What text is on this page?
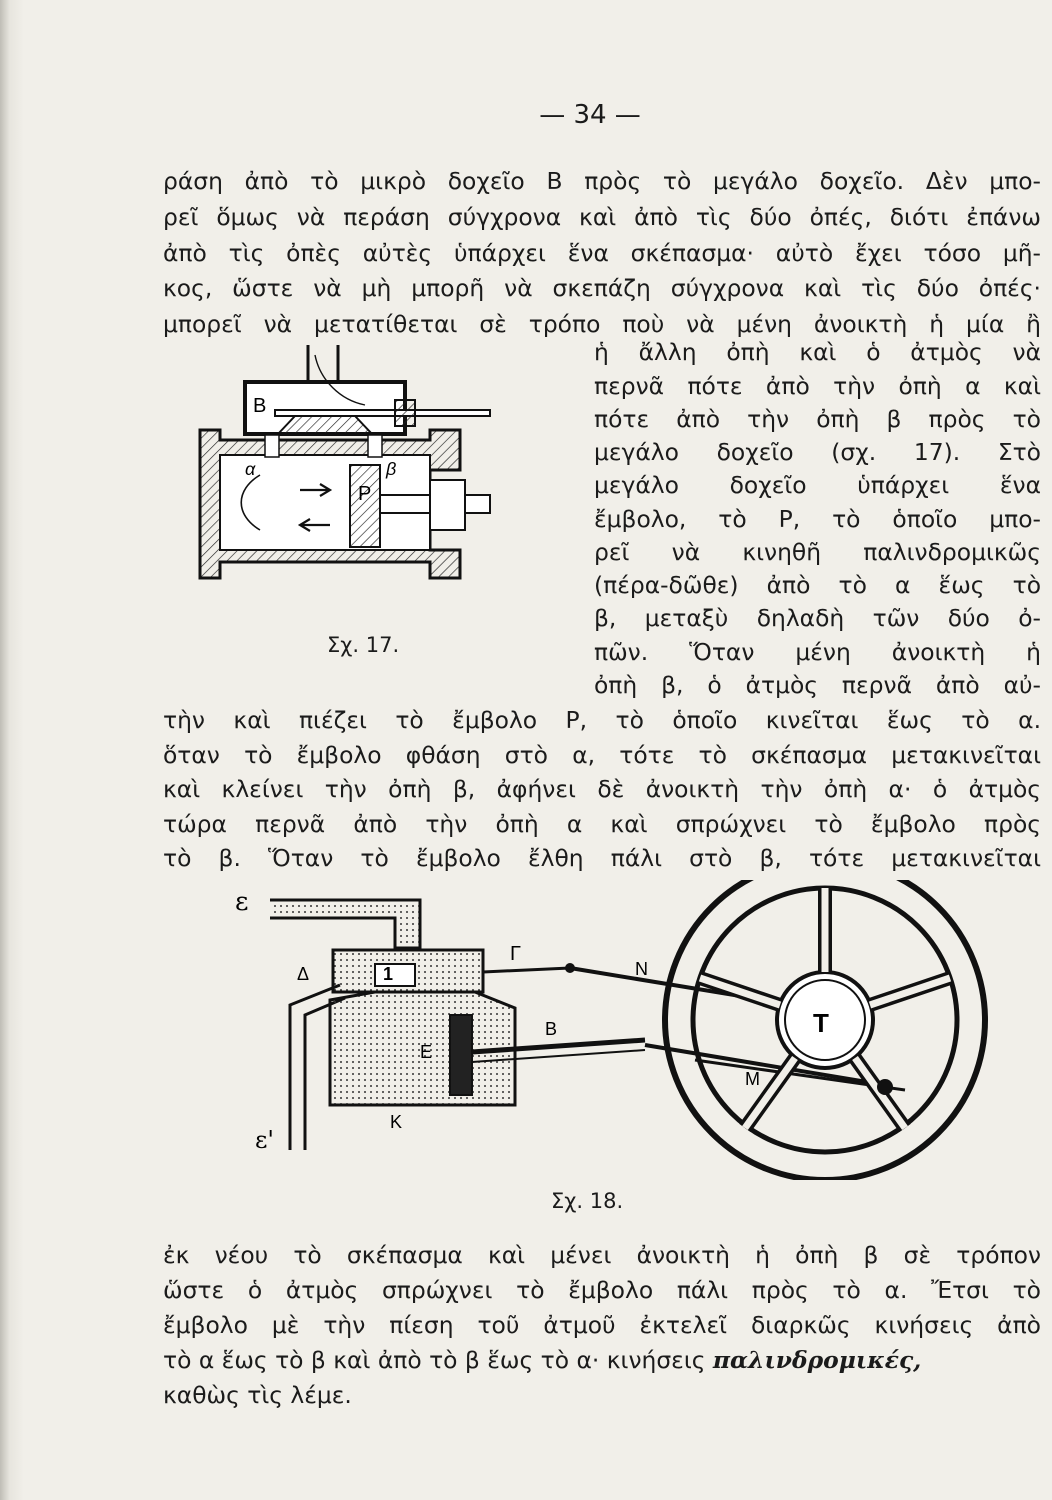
— 34 —
ράση ἀπὸ τὸ μικρὸ δοχεῖο Β πρὸς τὸ μεγάλο δοχεῖο. Δὲν μπο-
ρεῖ ὅμως νὰ περάση σύγχρονα καὶ ἀπὸ τὶς δύο ὀπές, διότι ἐπάνω
ἀπὸ τὶς ὀπὲς αὐτὲς ὑπάρχει ἕνα σκέπασμα· αὐτὸ ἔχει τόσο μῆ-
κος, ὥστε νὰ μὴ μπορῆ νὰ σκεπάζη σύγχρονα καὶ τὶς δύο ὀπές·
μπορεῖ νὰ μετατίθεται σὲ τρόπο ποὺ νὰ μένη ἀνοικτὴ ἡ μία ἢ
ἡ ἄλλη ὀπὴ καὶ ὁ ἀτμὸς νὰ
περνᾶ πότε ἀπὸ τὴν ὀπὴ α καὶ
πότε ἀπὸ τὴν ὀπὴ β πρὸς τὸ
μεγάλο δοχεῖο (σχ. 17). Στὸ
μεγάλο δοχεῖο ὑπάρχει ἕνα
ἔμβολο, τὸ Ρ, τὸ ὁποῖο μπο-
ρεῖ νὰ κινηθῆ παλινδρομικῶς
(πέρα-δῶθε) ἀπὸ τὸ α ἕως τὸ
β, μεταξὺ δηλαδὴ τῶν δύο ὀ-
πῶν. Ὅταν μένη ἀνοικτὴ ἡ
ὀπὴ β, ὁ ἀτμὸς περνᾶ ἀπὸ αὐ-
Β
α	β
P
Σχ. 17.
τὴν καὶ πιέζει τὸ ἔμβολο Ρ, τὸ ὁποῖο κινεῖται ἕως τὸ α.
ὅταν τὸ ἔμβολο φθάση στὸ α, τότε τὸ σκέπασμα μετακινεῖται
καὶ κλείνει τὴν ὀπὴ β, ἀφήνει δὲ ἀνοικτὴ τὴν ὀπὴ α· ὁ ἀτμὸς
τώρα περνᾶ ἀπὸ τὴν ὀπὴ α καὶ σπρώχνει τὸ ἔμβολο πρὸς
τὸ β. Ὅταν τὸ ἔμβολο ἔλθη πάλι στὸ β, τότε μετακινεῖται
ε
ε'
Δ	1
Γ
Ν
Β
Ε
Κ
Μ
Τ
Σχ. 18.
ἐκ νέου τὸ σκέπασμα καὶ μένει ἀνοικτὴ ἡ ὀπὴ β σὲ τρόπον
ὥστε ὁ ἀτμὸς σπρώχνει τὸ ἔμβολο πάλι πρὸς τὸ α. Ἔτσι τὸ
ἔμβολο μὲ τὴν πίεση τοῦ ἀτμοῦ ἐκτελεῖ διαρκῶς κινήσεις ἀπὸ
τὸ α ἕως τὸ β καὶ ἀπὸ τὸ β ἕως τὸ α· κινήσεις παλινδρομικές,
καθὼς τὶς λέμε.
